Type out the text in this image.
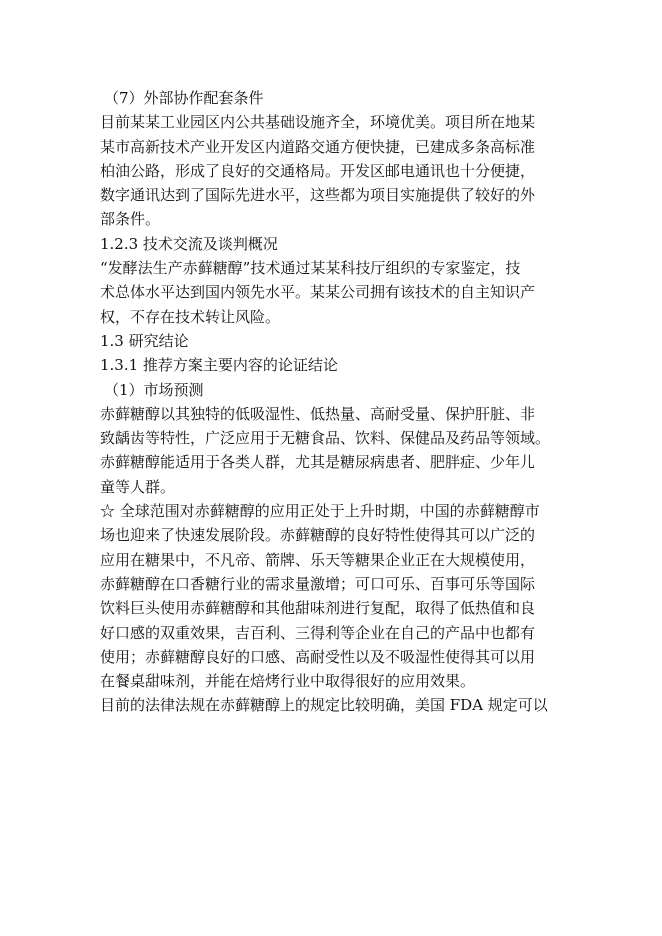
（7）外部协作配套条件
目前某某工业园区内公共基础设施齐全，环境优美。项目所在地某
某市高新技术产业开发区内道路交通方便快捷，已建成多条高标准
柏油公路，形成了良好的交通格局。开发区邮电通讯也十分便捷，
数字通讯达到了国际先进水平，这些都为项目实施提供了较好的外
部条件。
1.2.3 技术交流及谈判概况
“发酵法生产赤藓糖醇”技术通过某某科技厅组织的专家鉴定，技
术总体水平达到国内领先水平。某某公司拥有该技术的自主知识产
权，不存在技术转让风险。
1.3 研究结论
1.3.1 推荐方案主要内容的论证结论
（1）市场预测
赤藓糖醇以其独特的低吸湿性、低热量、高耐受量、保护肝脏、非
致龋齿等特性，广泛应用于无糖食品、饮料、保健品及药品等领域。
赤藓糖醇能适用于各类人群，尤其是糖尿病患者、肥胖症、少年儿
童等人群。
☆ 全球范围对赤藓糖醇的应用正处于上升时期，中国的赤藓糖醇市
场也迎来了快速发展阶段。赤藓糖醇的良好特性使得其可以广泛的
应用在糖果中，不凡帝、箭牌、乐天等糖果企业正在大规模使用，
赤藓糖醇在口香糖行业的需求量激增；可口可乐、百事可乐等国际
饮料巨头使用赤藓糖醇和其他甜味剂进行复配，取得了低热值和良
好口感的双重效果，吉百利、三得利等企业在自己的产品中也都有
使用；赤藓糖醇良好的口感、高耐受性以及不吸湿性使得其可以用
在餐桌甜味剂，并能在焙烤行业中取得很好的应用效果。
目前的法律法规在赤藓糖醇上的规定比较明确，美国 FDA 规定可以
